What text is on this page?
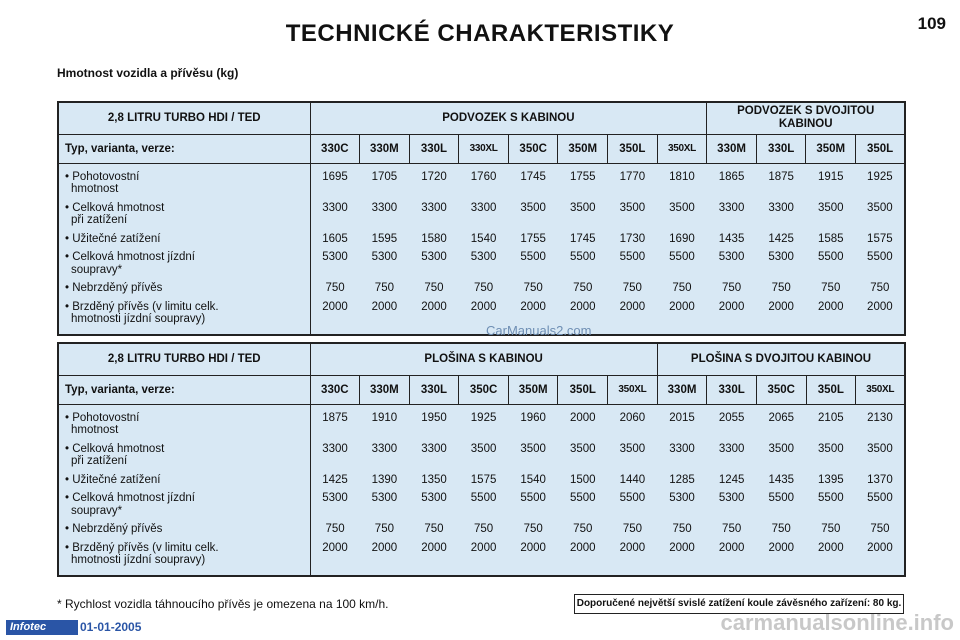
TECHNICKÉ CHARAKTERISTIKY	109
Hmotnost vozidla a přívěsu (kg)
2,8 LITRU TURBO HDI / TED	PODVOZEK S KABINOU								PODVOZEK S DVOJITOU
KABINOU			
Typ, varianta, verze:	330C	330M	330L	330XL	350C	350M	350L	350XL	330M	330L	350M	350L

• Pohotovostní
hmotnost	1695	1705	1720	1760	1745	1755	1770	1810	1865	1875	1915	1925

• Celková hmotnost
při zatížení	3300	3300	3300	3300	3500	3500	3500	3500	3300	3300	3500	3500

• Užitečné zatížení	1605	1595	1580	1540	1755	1745	1730	1690	1435	1425	1585	1575

• Celková hmotnost jízdní
soupravy*	5300	5300	5300	5300	5500	5500	5500	5500	5300	5300	5500	5500

• Nebrzděný přívěs	750	750	750	750	750	750	750	750	750	750	750	750

• Brzděný přívěs (v limitu celk.
hmotnosti jízdní soupravy)	2000	2000	2000	2000	2000	2000	2000	2000	2000	2000	2000	2000
CarManuals2.com
2,8 LITRU TURBO HDI / TED	PLOŠINA S KABINOU							PLOŠINA S DVOJITOU KABINOU				
Typ, varianta, verze:	330C	330M	330L	350C	350M	350L	350XL	330M	330L	350C	350L	350XL

• Pohotovostní
hmotnost	1875	1910	1950	1925	1960	2000	2060	2015	2055	2065	2105	2130

• Celková hmotnost
při zatížení	3300	3300	3300	3500	3500	3500	3500	3300	3300	3500	3500	3500

• Užitečné zatížení	1425	1390	1350	1575	1540	1500	1440	1285	1245	1435	1395	1370

• Celková hmotnost jízdní
soupravy*	5300	5300	5300	5500	5500	5500	5500	5300	5300	5500	5500	5500

• Nebrzděný přívěs	750	750	750	750	750	750	750	750	750	750	750	750

• Brzděný přívěs (v limitu celk.
hmotnosti jízdní soupravy)	2000	2000	2000	2000	2000	2000	2000	2000	2000	2000	2000	2000
* Rychlost vozidla táhnoucího přívěs je omezena na 100 km/h.	Doporučené největší svislé zatížení koule závěsného zařízení: 80 kg.
Infotec	01-01-2005	carmanualsonline.info
